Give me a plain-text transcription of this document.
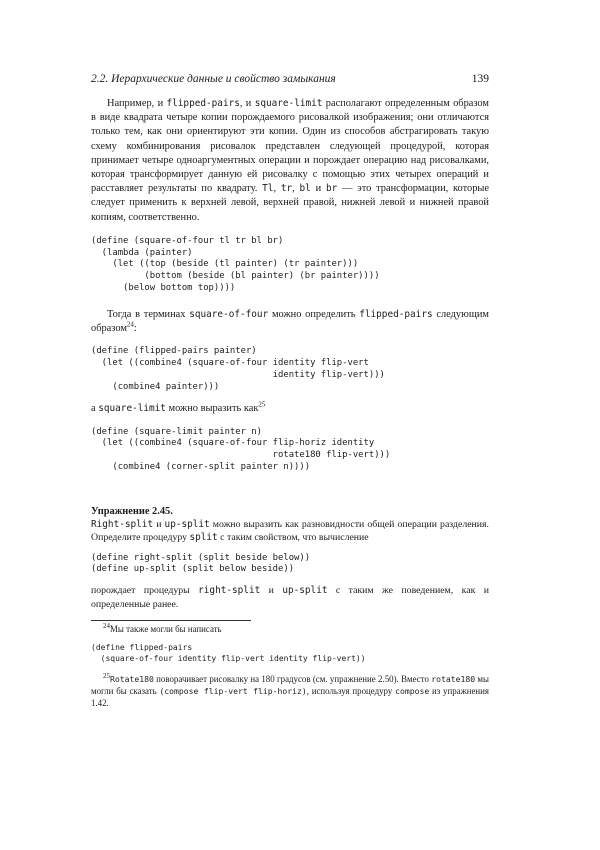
2.2. Иерархические данные и свойство замыкания	139

Например, и flipped-pairs, и square-limit располагают определенным образом в виде квадрата четыре копии порождаемого рисовалкой изображения; они отличаются только тем, как они ориентируют эти копии. Один из способов абстрагировать такую схему комбинирования рисовалок представлен следующей процедурой, которая принимает четыре одноаргументных операции и порождает операцию над рисовалками, которая трансформирует данную ей рисовалку с помощью этих четырех операций и расставляет результаты по квадрату. Tl, tr, bl и br — это трансформации, которые следует применить к верхней левой, верхней правой, нижней левой и нижней правой копиям, соответственно.

(define (square-of-four tl tr bl br)
(lambda (painter)
(let ((top (beside (tl painter) (tr painter)))
(bottom (beside (bl painter) (br painter))))
(below bottom top))))

Тогда в терминах square-of-four можно определить flipped-pairs следующим образом$^{24}$:

(define (flipped-pairs painter)
(let ((combine4 (square-of-four identity flip-vert
identity flip-vert)))
(combine4 painter)))

а square-limit можно выразить как$^{25}$

(define (square-limit painter n)
(let ((combine4 (square-of-four flip-horiz identity
rotate180 flip-vert)))
(combine4 (corner-split painter n))))
Упражнение 2.45.

Right-split и up-split можно выразить как разновидности общей операции разделения. Определите процедуру split с таким свойством, что вычисление

(define right-split (split beside below))
(define up-split (split below beside))

порождает процедуры right-split и up-split с таким же поведением, как и определенные ранее.

$^{24}$Мы также могли бы написать

(define flipped-pairs
(square-of-four identity flip-vert identity flip-vert))

$^{25}$Rotate180 поворачивает рисовалку на 180 градусов (см. упражнение 2.50). Вместо rotate180 мы могли бы сказать (compose flip-vert flip-horiz), используя процедуру compose из упражнения 1.42.
